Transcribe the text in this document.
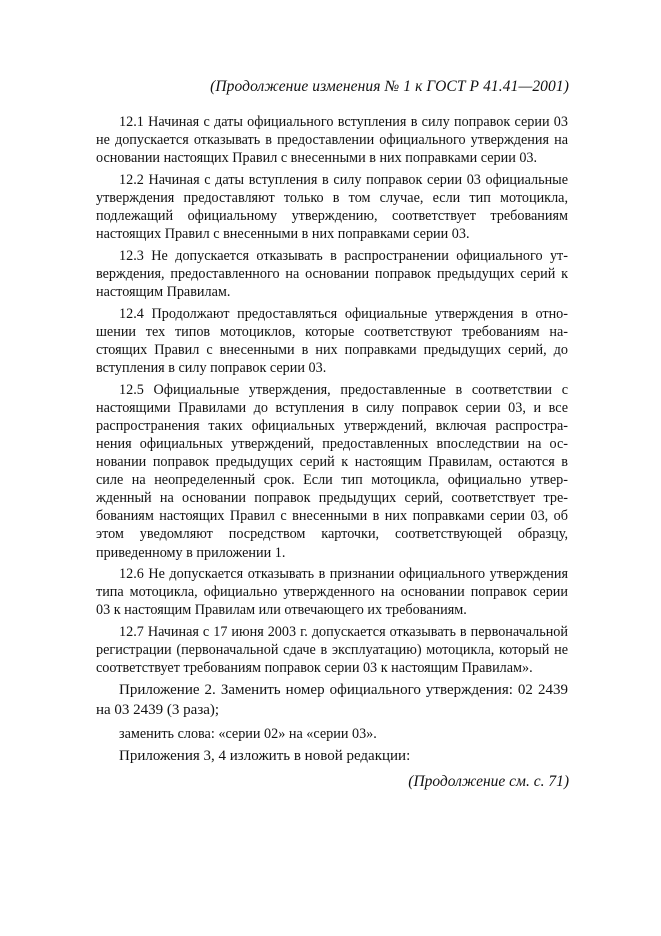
(Продолжение изменения № 1 к ГОСТ Р 41.41—2001)

12.1 Начиная с даты официального вступления в силу поправок серии 03 не допускается отказывать в предоставлении официального утверждения на основании настоящих Правил с внесенными в них поправками серии 03.

12.2 Начиная с даты вступления в силу поправок серии 03 официальные утверждения предоставляют только в том случае, если тип мотоцикла, подлежащий официальному утверждению, соответствует требованиям настоящих Правил с внесенными в них поправками серии 03.

12.3 Не допускается отказывать в распространении официального утверждения, предоставленного на основании поправок предыдущих серий к настоящим Правилам.

12.4 Продолжают предоставляться официальные утверждения в отношении тех типов мотоциклов, которые соответствуют требованиям настоящих Правил с внесенными в них поправками предыдущих серий, до вступления в силу поправок серии 03.

12.5 Официальные утверждения, предоставленные в соответствии с настоящими Правилами до вступления в силу поправок серии 03, и все распространения таких официальных утверждений, включая распространения официальных утверждений, предоставленных впоследствии на основании поправок предыдущих серий к настоящим Правилам, остаются в силе на неопределенный срок. Если тип мотоцикла, официально утвержденный на основании поправок предыдущих серий, соответствует требованиям настоящих Правил с внесенными в них поправками серии 03, об этом уведомляют посредством карточки, соответствующей образцу, приведенному в приложении 1.

12.6 Не допускается отказывать в признании официального утверждения типа мотоцикла, официально утвержденного на основании поправок серии 03 к настоящим Правилам или отвечающего их требованиям.

12.7 Начиная с 17 июня 2003 г. допускается отказывать в первоначальной регистрации (первоначальной сдаче в эксплуатацию) мотоцикла, который не соответствует требованиям поправок серии 03 к настоящим Правилам».

Приложение 2. Заменить номер официального утверждения: 02 2439 на 03 2439 (3 раза);

заменить слова: «серии 02» на «серии 03».

Приложения 3, 4 изложить в новой редакции:

(Продолжение см. с. 71)
